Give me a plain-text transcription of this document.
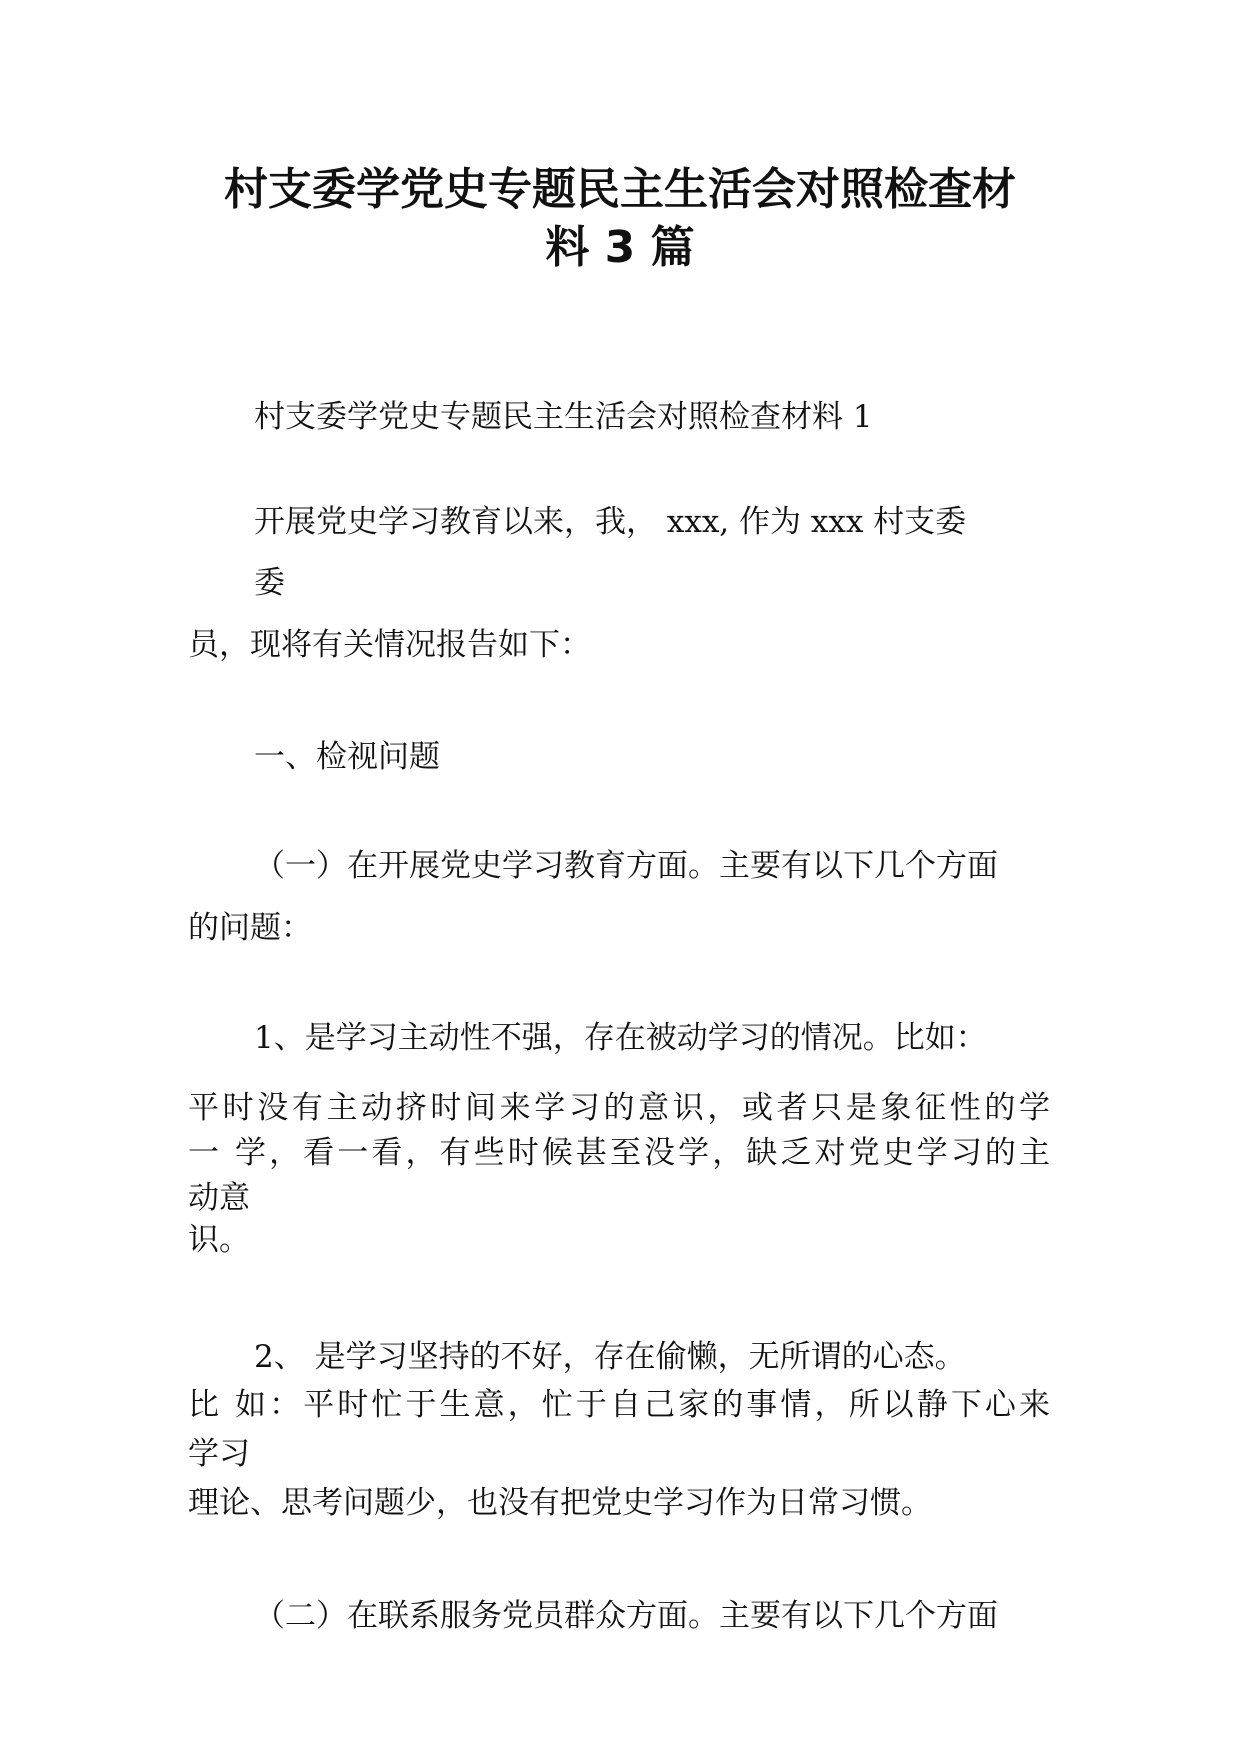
村支委学党史专题民主生活会对照检查材
料 3 篇

村支委学党史专题民主生活会对照检查材料 1

开展党史学习教育以来，我， xxx, 作为 xxx 村支委

委

员，现将有关情况报告如下：

一、检视问题

（一）在开展党史学习教育方面。主要有以下几个方面

的问题：

1、是学习主动性不强，存在被动学习的情况。比如：

平时没有主动挤时间来学习的意识，或者只是象征性的学

一 学，看一看，有些时候甚至没学，缺乏对党史学习的主

动意

识。

2、 是学习坚持的不好，存在偷懒，无所谓的心态。

比 如：平时忙于生意，忙于自己家的事情，所以静下心来

学习

理论、思考问题少，也没有把党史学习作为日常习惯。

（二）在联系服务党员群众方面。主要有以下几个方面
